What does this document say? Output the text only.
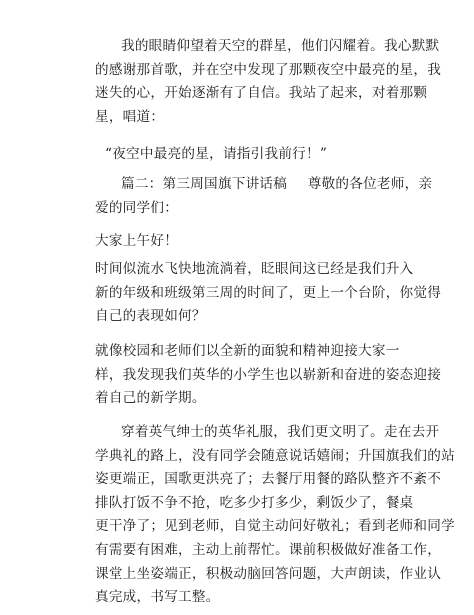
我的眼睛仰望着天空的群星，他们闪耀着。我心默默
的感谢那首歌，并在空中发现了那颗夜空中最亮的星，我
迷失的心，开始逐渐有了自信。我站了起来，对着那颗
星，唱道：
“夜空中最亮的星，请指引我前行！”
篇二：第三周国旗下讲话稿 尊敬的各位老师，亲
爱的同学们：
大家上午好！
时间似流水飞快地流淌着，眨眼间这已经是我们升入
新的年级和班级第三周的时间了，更上一个台阶，你觉得
自己的表现如何？
就像校园和老师们以全新的面貌和精神迎接大家一
样，我发现我们英华的小学生也以崭新和奋进的姿态迎接
着自己的新学期。
穿着英气绅士的英华礼服，我们更文明了。走在去开
学典礼的路上，没有同学会随意说话嬉闹；升国旗我们的站
姿更端正，国歌更洪亮了；去餐厅用餐的路队整齐不紊不
排队打饭不争不抢，吃多少打多少，剩饭少了，餐桌
更干净了；见到老师，自觉主动问好敬礼；看到老师和同学
有需要有困难，主动上前帮忙。课前积极做好准备工作，
课堂上坐姿端正，积极动脑回答问题，大声朗读，作业认
真完成，书写工整。
